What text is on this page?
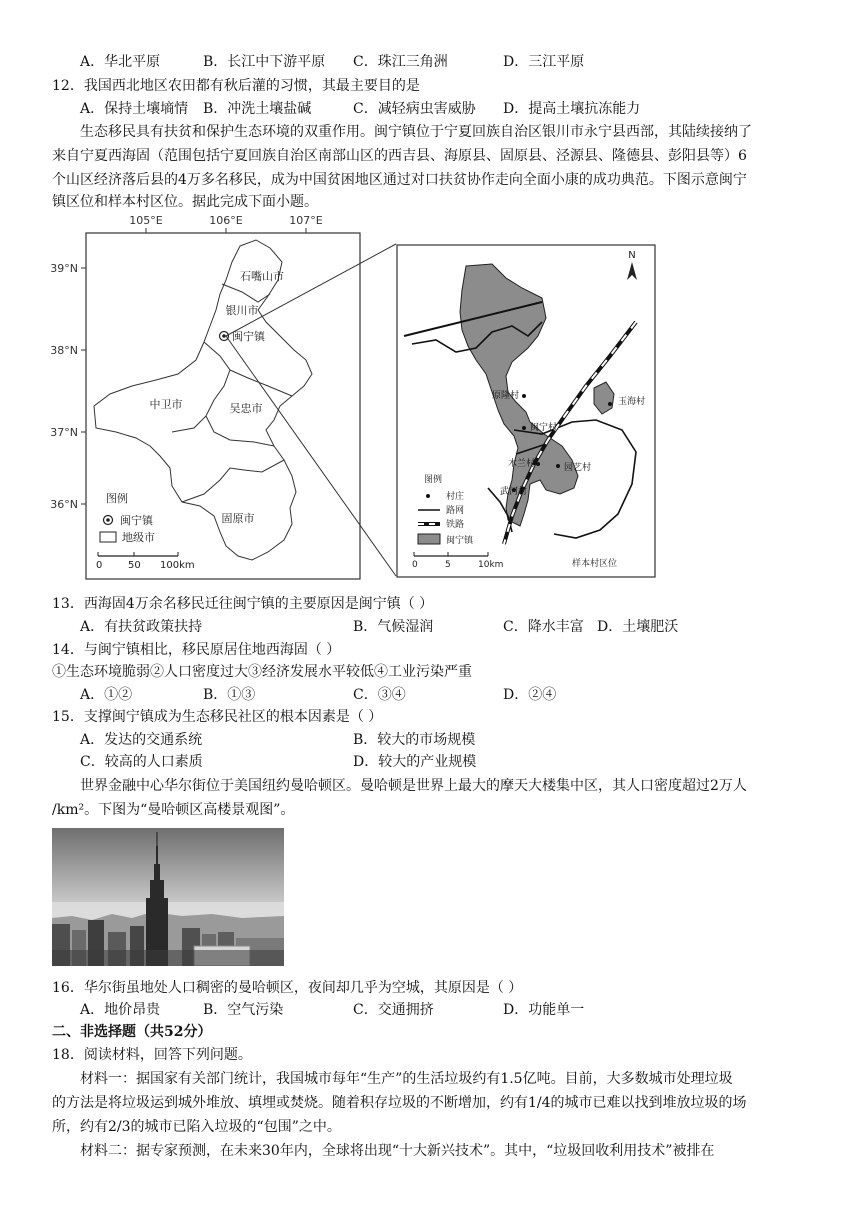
A．华北平原	B．长江中下游平原 C．珠江三角洲	D．三江平原
12．我国西北地区农田都有秋后灌的习惯，其最主要目的是
A．保持土壤墒情 B．冲洗土壤盐碱	C．减轻病虫害威胁 D．提高土壤抗冻能力
生态移民具有扶贫和保护生态环境的双重作用。闽宁镇位于宁夏回族自治区银川市永宁县西部，其陆续接纳了
来自宁夏西海固（范围包括宁夏回族自治区南部山区的西吉县、海原县、固原县、泾源县、隆德县、彭阳县等）6
个山区经济落后县的4万多名移民，成为中国贫困地区通过对口扶贫协作走向全面小康的成功典范。下图示意闽宁
镇区位和样本村区位。据此完成下面小题。
105°E	106°E	107°E
39°N
38°N
37°N
36°N
石嘴山市
银川市
中卫市	吴忠市
固原市
闽宁镇
图例
闽宁镇
地级市
0	50 100km
N
原隆村
玉海村
闽宁村
木兰村	园艺村
武河村
图例
村庄
路网
铁路
闽宁镇
0	5	10km	样本村区位
13．西海固4万余名移民迁往闽宁镇的主要原因是闽宁镇（ ）
A．有扶贫政策扶持	B．气候湿润	C．降水丰富 D．土壤肥沃
14．与闽宁镇相比，移民原居住地西海固（ ）
①生态环境脆弱②人口密度过大③经济发展水平较低④工业污染严重
A．①②	B．①③	C．③④	D．②④
15．支撑闽宁镇成为生态移民社区的根本因素是（ ）
A．发达的交通系统	B．较大的市场规模
C．较高的人口素质	D．较大的产业规模
世界金融中心华尔街位于美国纽约曼哈顿区。曼哈顿是世界上最大的摩天大楼集中区，其人口密度超过2万人
/km²。下图为“曼哈顿区高楼景观图”。
16．华尔街虽地处人口稠密的曼哈顿区，夜间却几乎为空城，其原因是（ ）
A．地价昂贵	B．空气污染	C．交通拥挤	D．功能单一
二、非选择题（共52分）
18．阅读材料，回答下列问题。
材料一：据国家有关部门统计，我国城市每年“生产”的生活垃圾约有1.5亿吨。目前，大多数城市处理垃圾
的方法是将垃圾运到城外堆放、填埋或焚烧。随着积存垃圾的不断增加，约有1/4的城市已难以找到堆放垃圾的场
所，约有2/3的城市已陷入垃圾的“包围”之中。
材料二：据专家预测，在未来30年内，全球将出现“十大新兴技术”。其中，“垃圾回收利用技术”被排在
